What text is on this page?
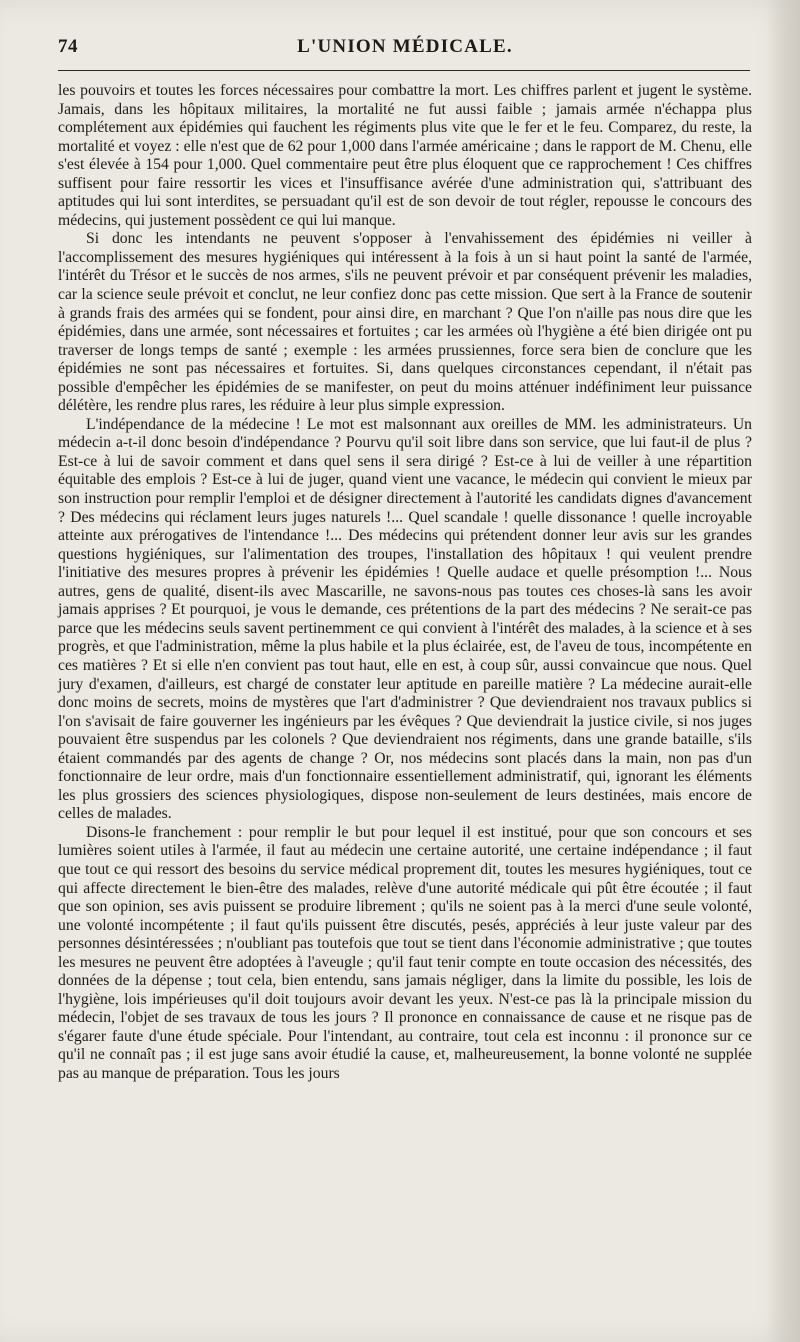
74	L'UNION MÉDICALE.

les pouvoirs et toutes les forces nécessaires pour combattre la mort. Les chiffres parlent et jugent le système. Jamais, dans les hôpitaux militaires, la mortalité ne fut aussi faible ; jamais armée n'échappa plus complétement aux épidémies qui fauchent les régiments plus vite que le fer et le feu. Comparez, du reste, la mortalité et voyez : elle n'est que de 62 pour 1,000 dans l'armée américaine ; dans le rapport de M. Chenu, elle s'est élevée à 154 pour 1,000. Quel commentaire peut être plus éloquent que ce rapprochement ! Ces chiffres suffisent pour faire ressortir les vices et l'insuffisance avérée d'une administration qui, s'attribuant des aptitudes qui lui sont interdites, se persuadant qu'il est de son devoir de tout régler, repousse le concours des médecins, qui justement possèdent ce qui lui manque.

Si donc les intendants ne peuvent s'opposer à l'envahissement des épidémies ni veiller à l'accomplissement des mesures hygiéniques qui intéressent à la fois à un si haut point la santé de l'armée, l'intérêt du Trésor et le succès de nos armes, s'ils ne peuvent prévoir et par conséquent prévenir les maladies, car la science seule prévoit et conclut, ne leur confiez donc pas cette mission. Que sert à la France de soutenir à grands frais des armées qui se fondent, pour ainsi dire, en marchant ? Que l'on n'aille pas nous dire que les épidémies, dans une armée, sont nécessaires et fortuites ; car les armées où l'hygiène a été bien dirigée ont pu traverser de longs temps de santé ; exemple : les armées prussiennes, force sera bien de conclure que les épidémies ne sont pas nécessaires et fortuites. Si, dans quelques circonstances cependant, il n'était pas possible d'empêcher les épidémies de se manifester, on peut du moins atténuer indéfiniment leur puissance délétère, les rendre plus rares, les réduire à leur plus simple expression.

L'indépendance de la médecine ! Le mot est malsonnant aux oreilles de MM. les administrateurs. Un médecin a-t-il donc besoin d'indépendance ? Pourvu qu'il soit libre dans son service, que lui faut-il de plus ? Est-ce à lui de savoir comment et dans quel sens il sera dirigé ? Est-ce à lui de veiller à une répartition équitable des emplois ? Est-ce à lui de juger, quand vient une vacance, le médecin qui convient le mieux par son instruction pour remplir l'emploi et de désigner directement à l'autorité les candidats dignes d'avancement ? Des médecins qui réclament leurs juges naturels !... Quel scandale ! quelle dissonance ! quelle incroyable atteinte aux prérogatives de l'intendance !... Des médecins qui prétendent donner leur avis sur les grandes questions hygiéniques, sur l'alimentation des troupes, l'installation des hôpitaux ! qui veulent prendre l'initiative des mesures propres à prévenir les épidémies ! Quelle audace et quelle présomption !... Nous autres, gens de qualité, disent-ils avec Mascarille, ne savons-nous pas toutes ces choses-là sans les avoir jamais apprises ? Et pourquoi, je vous le demande, ces prétentions de la part des médecins ? Ne serait-ce pas parce que les médecins seuls savent pertinemment ce qui convient à l'intérêt des malades, à la science et à ses progrès, et que l'administration, même la plus habile et la plus éclairée, est, de l'aveu de tous, incompétente en ces matières ? Et si elle n'en convient pas tout haut, elle en est, à coup sûr, aussi convaincue que nous. Quel jury d'examen, d'ailleurs, est chargé de constater leur aptitude en pareille matière ? La médecine aurait-elle donc moins de secrets, moins de mystères que l'art d'administrer ? Que deviendraient nos travaux publics si l'on s'avisait de faire gouverner les ingénieurs par les évêques ? Que deviendrait la justice civile, si nos juges pouvaient être suspendus par les colonels ? Que deviendraient nos régiments, dans une grande bataille, s'ils étaient commandés par des agents de change ? Or, nos médecins sont placés dans la main, non pas d'un fonctionnaire de leur ordre, mais d'un fonctionnaire essentiellement administratif, qui, ignorant les éléments les plus grossiers des sciences physiologiques, dispose non-seulement de leurs destinées, mais encore de celles de malades.

Disons-le franchement : pour remplir le but pour lequel il est institué, pour que son concours et ses lumières soient utiles à l'armée, il faut au médecin une certaine autorité, une certaine indépendance ; il faut que tout ce qui ressort des besoins du service médical proprement dit, toutes les mesures hygiéniques, tout ce qui affecte directement le bien-être des malades, relève d'une autorité médicale qui pût être écoutée ; il faut que son opinion, ses avis puissent se produire librement ; qu'ils ne soient pas à la merci d'une seule volonté, une volonté incompétente ; il faut qu'ils puissent être discutés, pesés, appréciés à leur juste valeur par des personnes désintéressées ; n'oubliant pas toutefois que tout se tient dans l'économie administrative ; que toutes les mesures ne peuvent être adoptées à l'aveugle ; qu'il faut tenir compte en toute occasion des nécessités, des données de la dépense ; tout cela, bien entendu, sans jamais négliger, dans la limite du possible, les lois de l'hygiène, lois impérieuses qu'il doit toujours avoir devant les yeux. N'est-ce pas là la principale mission du médecin, l'objet de ses travaux de tous les jours ? Il prononce en connaissance de cause et ne risque pas de s'égarer faute d'une étude spéciale. Pour l'intendant, au contraire, tout cela est inconnu : il prononce sur ce qu'il ne connaît pas ; il est juge sans avoir étudié la cause, et, malheureusement, la bonne volonté ne supplée pas au manque de préparation. Tous les jours
